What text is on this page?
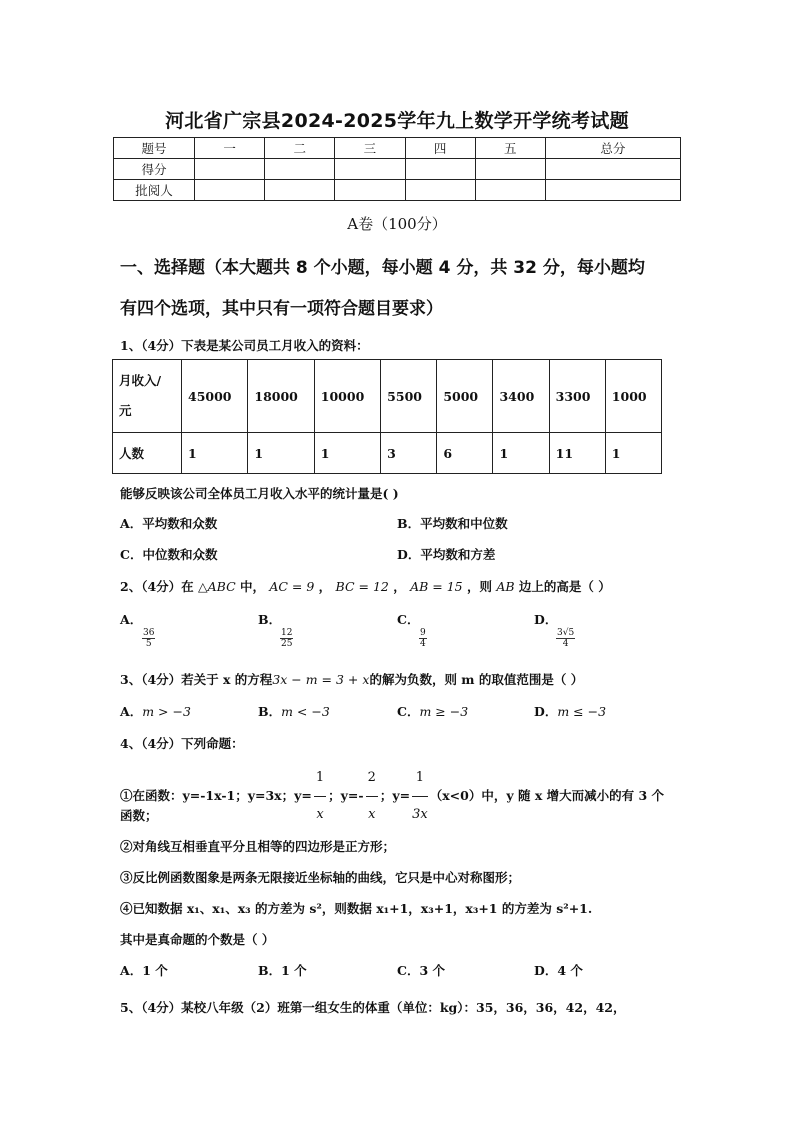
河北省广宗县2024-2025学年九上数学开学统考试题
题号	一	二	三	四	五	总分
得分						
批阅人						
A卷（100分）
一、选择题（本大题共 8 个小题，每小题 4 分，共 32 分，每小题均
有四个选项，其中只有一项符合题目要求）
1、（4分）下表是某公司员工月收入的资料：
月收入/
元	45000	18000	10000	5500	5000	3400	3300	1000
人数	1	1	1	3	6	1	11	1
能够反映该公司全体员工月收入水平的统计量是( )
A．平均数和众数	B．平均数和中位数
C．中位数和众数	D．平均数和方差
2、（4分）在 △ABC 中， AC = 9 ， BC = 12 ， AB = 15 ，则 AB 边上的高是（ ）
A．

$\frac{36}{5}$
B．

$\frac{12}{25}$
C．

$\frac{9}{4}$
D．

$\frac{3√5}{4}$
3、（4分）若关于 x 的方程3x − m = 3 + x的解为负数，则 m 的取值范围是（ ）
A．m > −3	B．m < −3	C．m ≥ −3	D．m ≤ −3
4、（4分）下列命题：
①在函数：y=-1x-1；y=3x；$y= \frac{1}{x}$ ；$y=- \frac{2}{x}$ ；$y= \frac{1}{3x} (x<0)$中，y 随 x 增大而减小的有 3 个
函数；
②对角线互相垂直平分且相等的四边形是正方形；
③反比例函数图象是两条无限接近坐标轴的曲线，它只是中心对称图形；
④已知数据 x₁、x₁、x₃ 的方差为 s²，则数据 x₁+1，x₃+1，x₃+1 的方差为 s²+1.
其中是真命题的个数是（ ）
A．1 个	B．1 个	C．3 个	D．4 个
5、（4分）某校八年级（2）班第一组女生的体重（单位：kg）：35，36，36，42，42，
